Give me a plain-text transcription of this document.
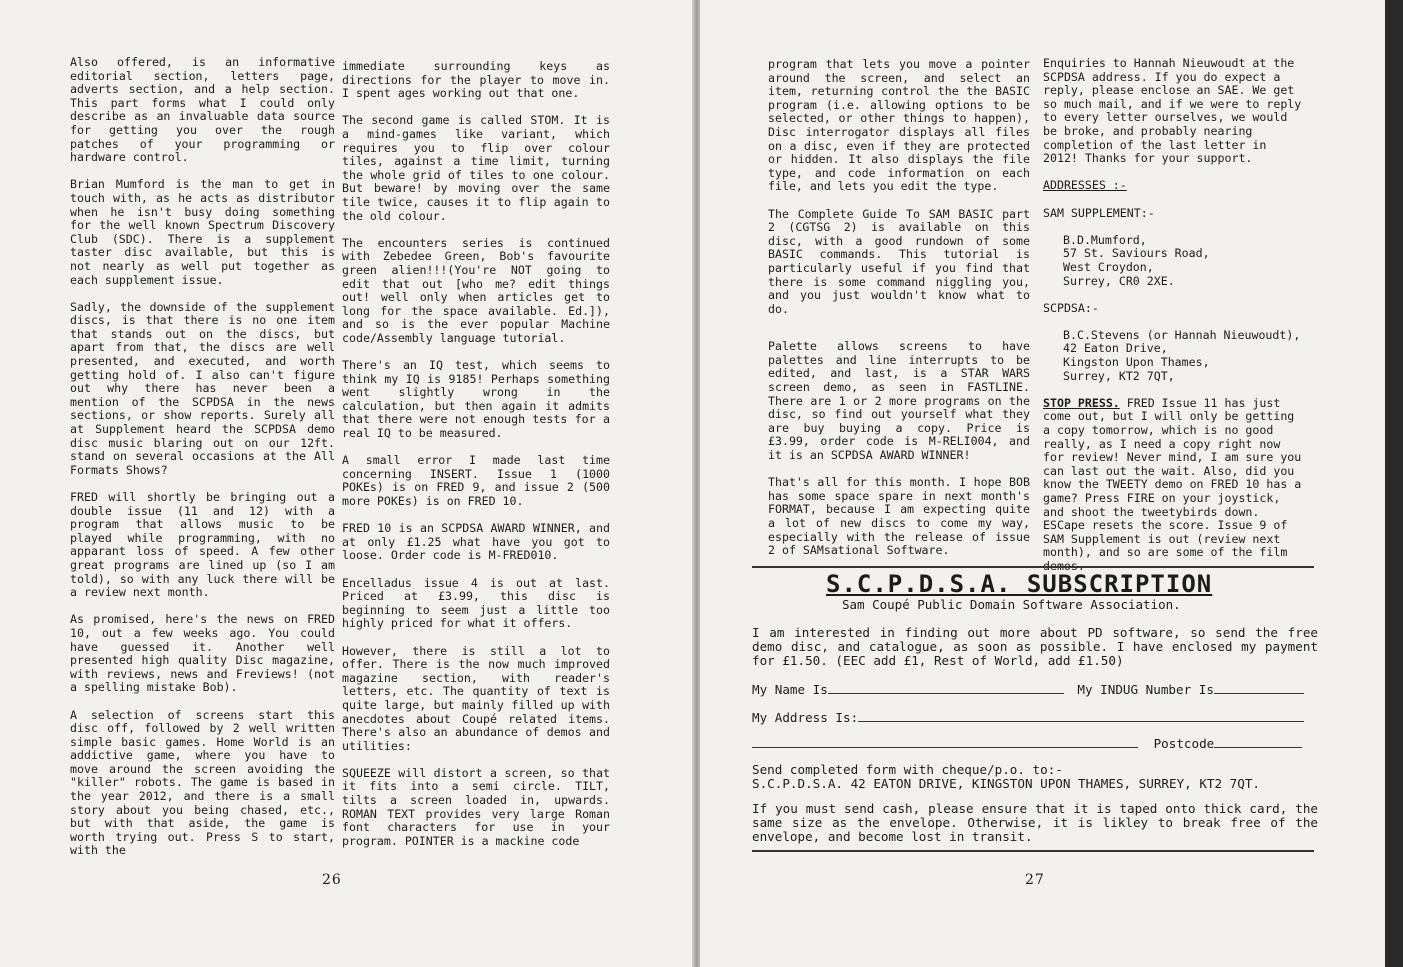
Also offered, is an informative editorial section, letters page, adverts section, and a help section. This part forms what I could only describe as an invaluable data source for getting you over the rough patches of your programming or hardware control.

Brian Mumford is the man to get in touch with, as he acts as distributor when he isn't busy doing something for the well known Spectrum Discovery Club (SDC). There is a supplement taster disc available, but this is not nearly as well put together as each supplement issue.

Sadly, the downside of the supplement discs, is that there is no one item that stands out on the discs, but apart from that, the discs are well presented, and executed, and worth getting hold of. I also can't figure out why there has never been a mention of the SCPDSA in the news sections, or show reports. Surely all at Supplement heard the SCPDSA demo disc music blaring out on our 12ft. stand on several occasions at the All Formats Shows?

FRED will shortly be bringing out a double issue (11 and 12) with a program that allows music to be played while programming, with no apparant loss of speed. A few other great programs are lined up (so I am told), so with any luck there will be a review next month.

As promised, here's the news on FRED 10, out a few weeks ago. You could have guessed it. Another well presented high quality Disc magazine, with reviews, news and Freviews! (not a spelling mistake Bob).

A selection of screens start this disc off, followed by 2 well written simple basic games. Home World is an addictive game, where you have to move around the screen avoiding the "killer" robots. The game is based in the year 2012, and there is a small story about you being chased, etc., but with that aside, the game is worth trying out. Press S to start, with the

immediate surrounding keys as directions for the player to move in. I spent ages working out that one.

The second game is called STOM. It is a mind-games like variant, which requires you to flip over colour tiles, against a time limit, turning the whole grid of tiles to one colour. But beware! by moving over the same tile twice, causes it to flip again to the old colour.

The encounters series is continued with Zebedee Green, Bob's favourite green alien!!!(You're NOT going to edit that out [who me? edit things out! well only when articles get to long for the space available. Ed.]), and so is the ever popular Machine code/Assembly language tutorial.

There's an IQ test, which seems to think my IQ is 9185! Perhaps something went slightly wrong in the calculation, but then again it admits that there were not enough tests for a real IQ to be measured.

A small error I made last time concerning INSERT. Issue 1 (1000 POKEs) is on FRED 9, and issue 2 (500 more POKEs) is on FRED 10.

FRED 10 is an SCPDSA AWARD WINNER, and at only £1.25 what have you got to loose. Order code is M-FRED010.

Encelladus issue 4 is out at last. Priced at £3.99, this disc is beginning to seem just a little too highly priced for what it offers.

However, there is still a lot to offer. There is the now much improved magazine section, with reader's letters, etc. The quantity of text is quite large, but mainly filled up with anecdotes about Coupé related items. There's also an abundance of demos and utilities:

SQUEEZE will distort a screen, so that it fits into a semi circle. TILT, tilts a screen loaded in, upwards. ROMAN TEXT provides very large Roman font characters for use in your program. POINTER is a mackine code

26

program that lets you move a pointer around the screen, and select an item, returning control the the BASIC program (i.e. allowing options to be selected, or other things to happen), Disc interrogator displays all files on a disc, even if they are protected or hidden. It also displays the file type, and code information on each file, and lets you edit the type.

The Complete Guide To SAM BASIC part 2 (CGTSG 2) is available on this disc, with a good rundown of some BASIC commands. This tutorial is particularly useful if you find that there is some command niggling you, and you just wouldn't know what to do.

Palette allows screens to have palettes and line interrupts to be edited, and last, is a STAR WARS screen demo, as seen in FASTLINE. There are 1 or 2 more programs on the disc, so find out yourself what they are buy buying a copy. Price is £3.99, order code is M-RELI004, and it is an SCPDSA AWARD WINNER!

That's all for this month. I hope BOB has some space spare in next month's FORMAT, because I am expecting quite a lot of new discs to come my way, especially with the release of issue 2 of SAMsational Software.

Enquiries to Hannah Nieuwoudt at the SCPDSA address. If you do expect a reply, please enclose an SAE. We get so much mail, and if we were to reply to every letter ourselves, we would be broke, and probably nearing completion of the last letter in 2012! Thanks for your support.

ADDRESSES :-

SAM SUPPLEMENT:-

B.D.Mumford,
57 St. Saviours Road,
West Croydon,
Surrey, CR0 2XE.

SCPDSA:-

B.C.Stevens (or Hannah Nieuwoudt),
42 Eaton Drive,
Kingston Upon Thames,
Surrey, KT2 7QT,

STOP PRESS. FRED Issue 11 has just come out, but I will only be getting a copy tomorrow, which is no good really, as I need a copy right now for review! Never mind, I am sure you can last out the wait. Also, did you know the TWEETY demo on FRED 10 has a game? Press FIRE on your joystick, and shoot the tweetybirds down. ESCape resets the score. Issue 9 of SAM Supplement is out (review next month), and so are some of the film

S.C.P.D.S.A. SUBSCRIPTION
Sam Coupé Public Domain Software Association.

I am interested in finding out more about PD software, so send the free demo disc, and catalogue, as soon as possible. I have enclosed my payment for £1.50. (EEC add £1, Rest of World, add £1.50)

My Name Is	My INDUG Number Is
My Address Is:
Postcode

Send completed form with cheque/p.o. to:-

S.C.P.D.S.A. 42 EATON DRIVE, KINGSTON UPON THAMES, SURREY, KT2 7QT.

If you must send cash, please ensure that it is taped onto thick card, the same size as the envelope. Otherwise, it is likley to break free of the envelope, and become lost in transit.

27
